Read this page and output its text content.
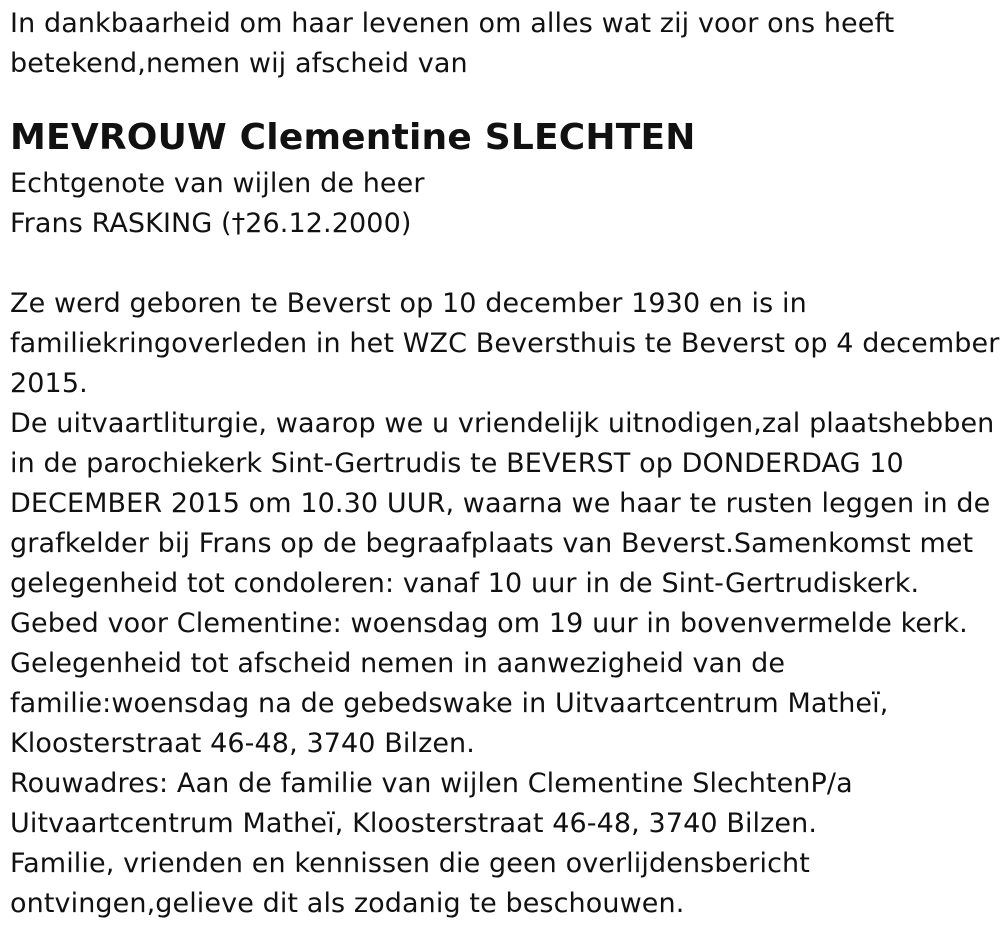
In dankbaarheid om haar levenen om alles wat zij voor ons heeft
betekend,nemen wij afscheid van
MEVROUW Clementine SLECHTEN
Echtgenote van wijlen de heer
Frans RASKING (†26.12.2000)
Ze werd geboren te Beverst op 10 december 1930 en is in
familiekringoverleden in het WZC Beversthuis te Beverst op 4 december
2015.
De uitvaartliturgie, waarop we u vriendelijk uitnodigen,zal plaatshebben
in de parochiekerk Sint-Gertrudis te BEVERST op DONDERDAG 10
DECEMBER 2015 om 10.30 UUR, waarna we haar te rusten leggen in de
grafkelder bij Frans op de begraafplaats van Beverst.Samenkomst met
gelegenheid tot condoleren: vanaf 10 uur in de Sint-Gertrudiskerk.
Gebed voor Clementine: woensdag om 19 uur in bovenvermelde kerk.
Gelegenheid tot afscheid nemen in aanwezigheid van de
familie:woensdag na de gebedswake in Uitvaartcentrum Matheï,
Kloosterstraat 46-48, 3740 Bilzen.
Rouwadres: Aan de familie van wijlen Clementine SlechtenP/a
Uitvaartcentrum Matheï, Kloosterstraat 46-48, 3740 Bilzen.
Familie, vrienden en kennissen die geen overlijdensbericht
ontvingen,gelieve dit als zodanig te beschouwen.
